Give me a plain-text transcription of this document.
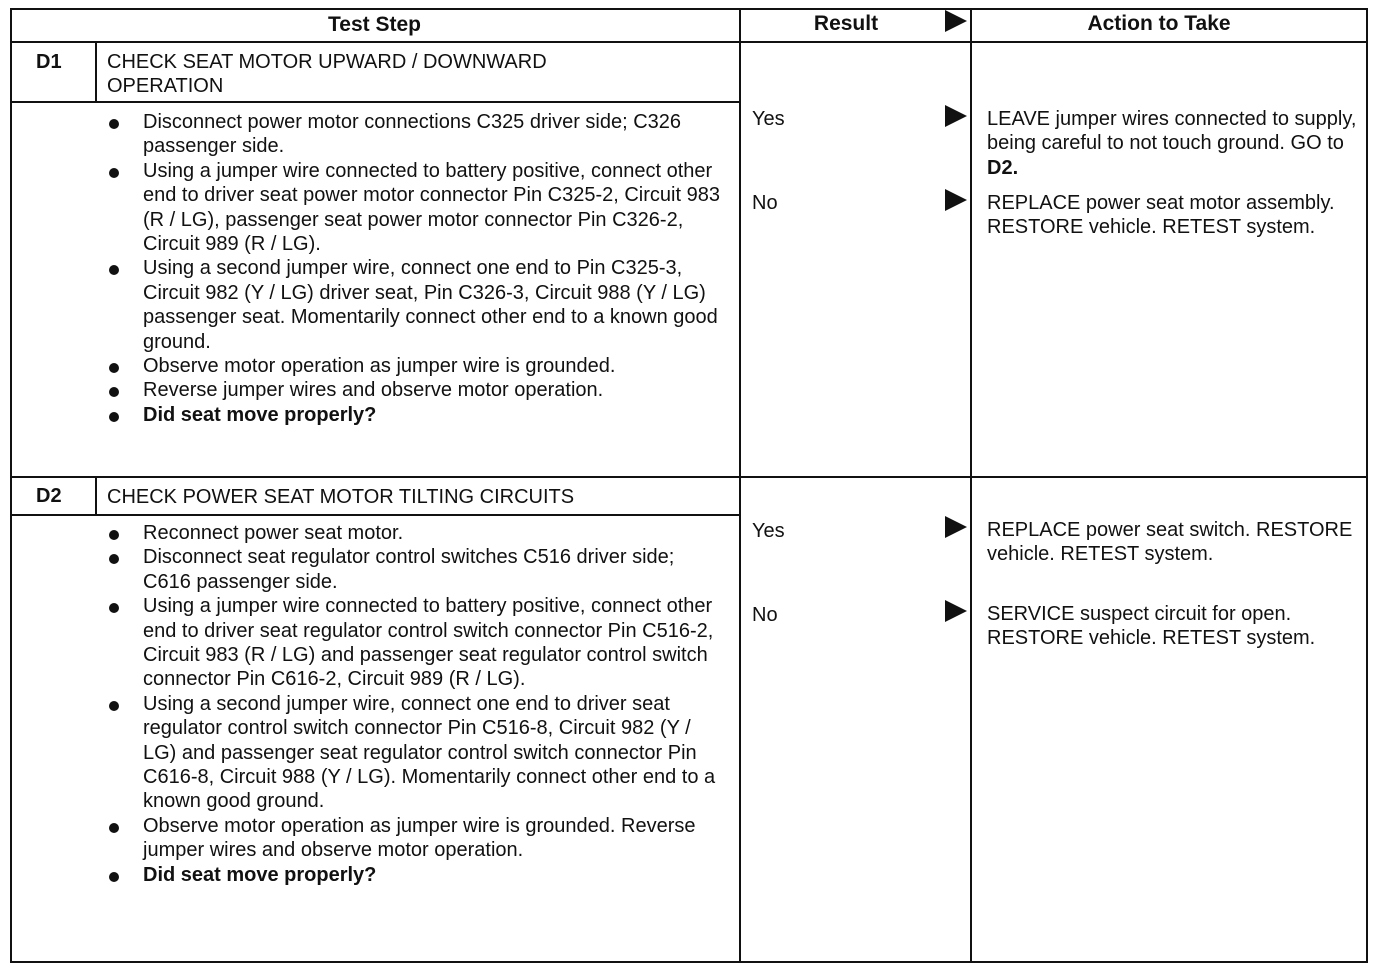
Test Step	Result	Action to Take
D1 CHECK SEAT MOTOR UPWARD / DOWNWARD OPERATION
Disconnect power motor connections C325 driver side; C326 passenger side.
Using a jumper wire connected to battery positive, connect other end to driver seat power motor connector Pin C325-2, Circuit 983 (R / LG), passenger seat power motor connector Pin C326-2, Circuit 989 (R / LG).
Using a second jumper wire, connect one end to Pin C325-3, Circuit 982 (Y / LG) driver seat, Pin C326-3, Circuit 988 (Y / LG) passenger seat. Momentarily connect other end to a known good ground.
Observe motor operation as jumper wire is grounded.
Reverse jumper wires and observe motor operation.
Did seat move properly?
Yes	LEAVE jumper wires connected to supply, being careful to not touch ground. GO to D2.
No	REPLACE power seat motor assembly. RESTORE vehicle. RETEST system.
D2 CHECK POWER SEAT MOTOR TILTING CIRCUITS
Reconnect power seat motor.
Disconnect seat regulator control switches C516 driver side; C616 passenger side.
Using a jumper wire connected to battery positive, connect other end to driver seat regulator control switch connector Pin C516-2, Circuit 983 (R / LG) and passenger seat regulator control switch connector Pin C616-2, Circuit 989 (R / LG).
Using a second jumper wire, connect one end to driver seat regulator control switch connector Pin C516-8, Circuit 982 (Y / LG) and passenger seat regulator control switch connector Pin C616-8, Circuit 988 (Y / LG). Momentarily connect other end to a known good ground.
Observe motor operation as jumper wire is grounded. Reverse jumper wires and observe motor operation.
Did seat move properly?
Yes	REPLACE power seat switch. RESTORE vehicle. RETEST system.
No	SERVICE suspect circuit for open. RESTORE vehicle. RETEST system.
